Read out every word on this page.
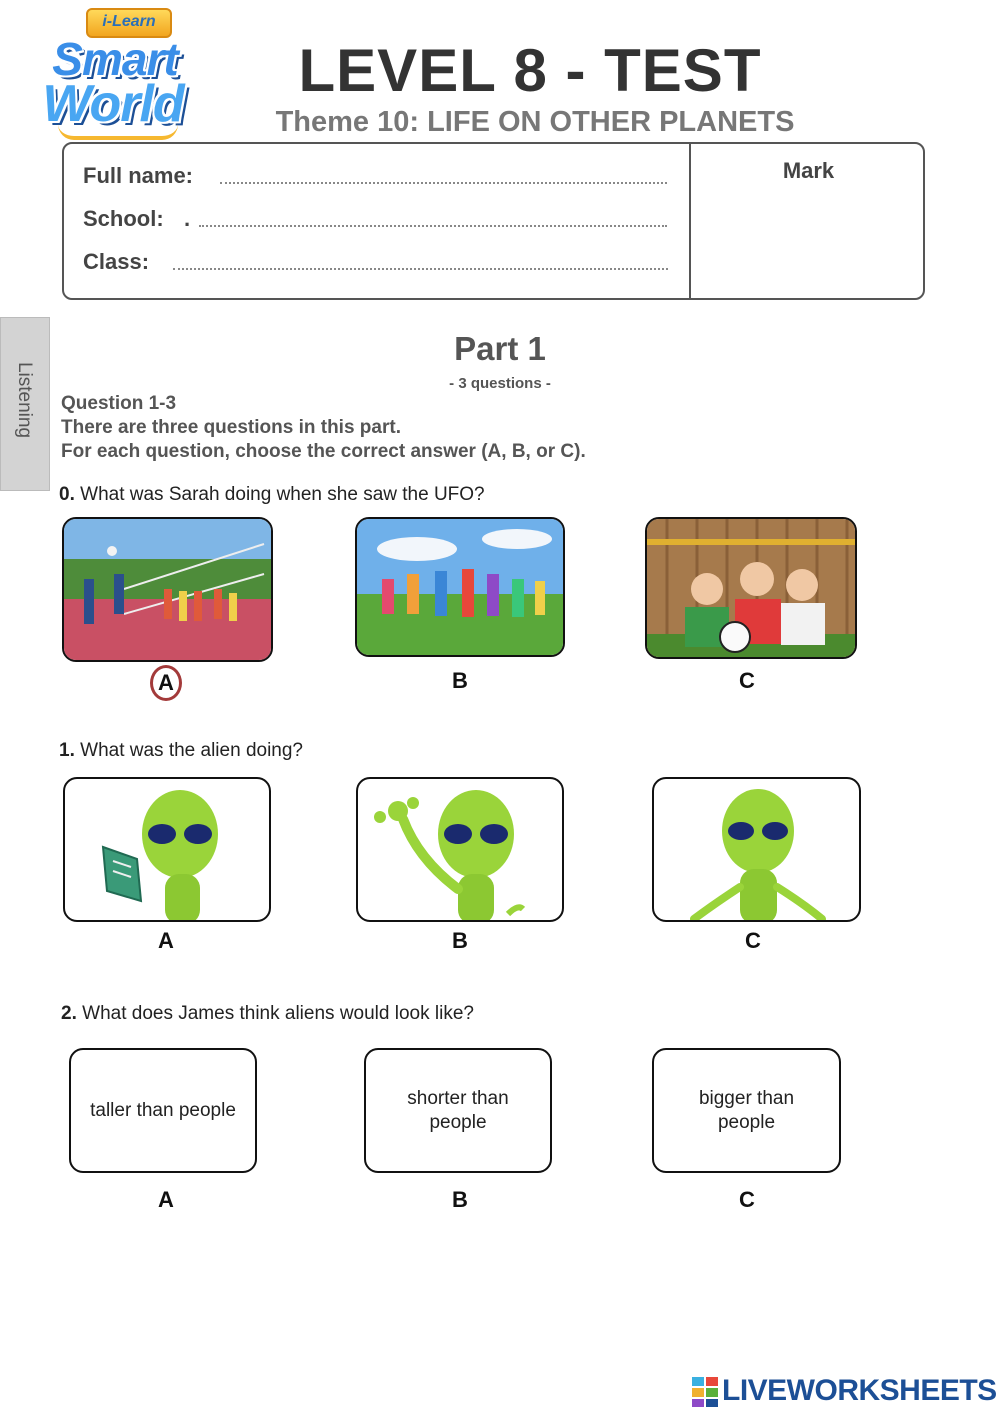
i-Learn
Smart
World	LEVEL 8 - TEST
Theme 10: LIFE ON OTHER PLANETS
Mark
Full name:
School: .
Class:
Listening
Part 1
- 3 questions -
Question 1-3
There are three questions in this part.
For each question, choose the correct answer (A, B, or C).
0. What was Sarah doing when she saw the UFO?
A	B	C
1. What was the alien doing?
A	B	C
2. What does James think aliens would look like?
taller than people
A
shorter than people
B
bigger than people
C
LIVEWORKSHEETS
